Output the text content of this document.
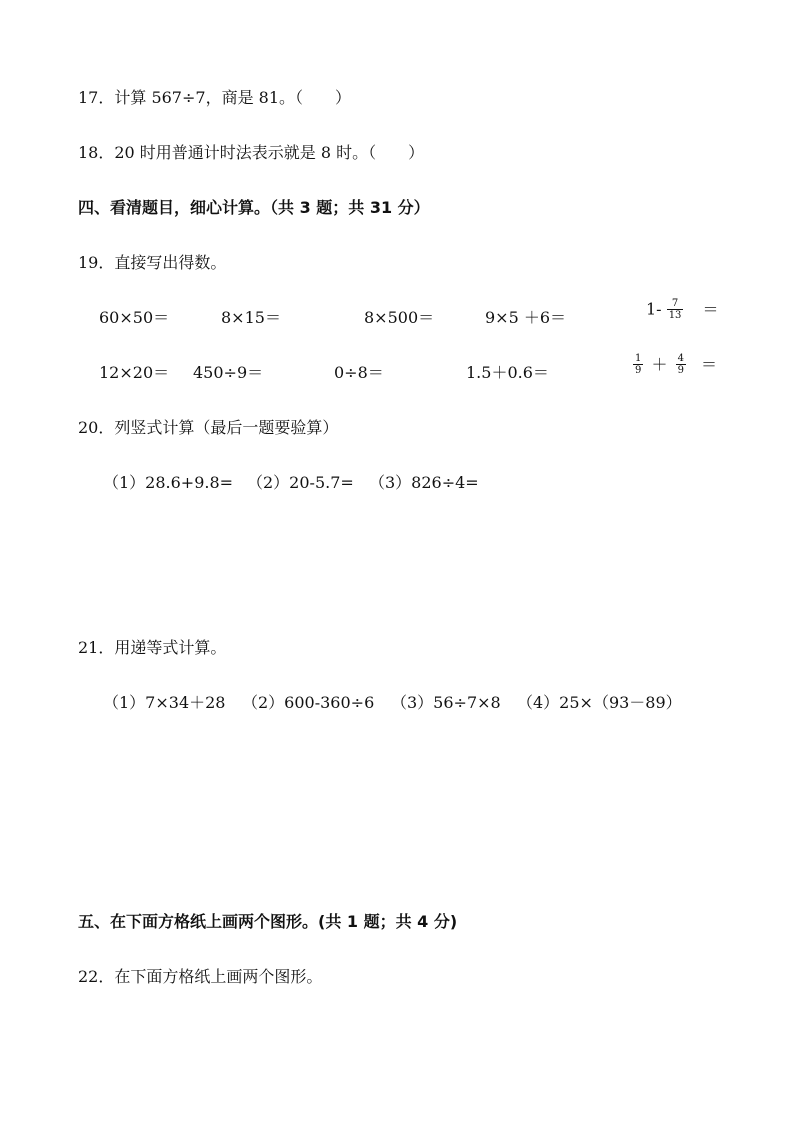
17．计算 567÷7，商是 81。（　　）
18．20 时用普通计时法表示就是 8 时。（　　）
四、看清题目，细心计算。（共 3 题；共 31 分）
19．直接写出得数。
60×50＝	8×15＝	8×500＝	9×5 ＋6＝	$1- \frac{7}{13}$ ＝
12×20＝ 450÷9＝	0÷8＝	1.5＋0.6＝	$\frac{1}{9} + \frac{4}{9}$ ＝
20．列竖式计算（最后一题要验算）
（1）28.6+9.8= （2）20-5.7= （3）826÷4=
21．用递等式计算。
（1）7×34＋28 （2）600-360÷6 （3）56÷7×8 （4）25×（93－89）
五、在下面方格纸上画两个图形。(共 1 题；共 4 分)
22．在下面方格纸上画两个图形。
